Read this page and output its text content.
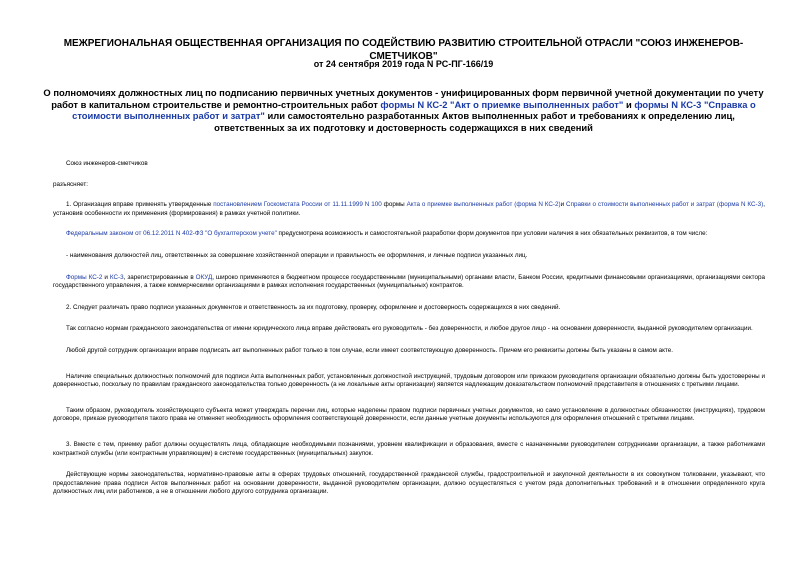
МЕЖРЕГИОНАЛЬНАЯ ОБЩЕСТВЕННАЯ ОРГАНИЗАЦИЯ ПО СОДЕЙСТВИЮ РАЗВИТИЮ СТРОИТЕЛЬНОЙ ОТРАСЛИ "СОЮЗ ИНЖЕНЕРОВ-СМЕТЧИКОВ"
от 24 сентября 2019 года N РС-ПГ-166/19
О полномочиях должностных лиц по подписанию первичных учетных документов - унифицированных форм первичной учетной документации по учету работ в капитальном строительстве и ремонтно-строительных работ формы N КС-2 "Акт о приемке выполненных работ" и формы N КС-3 "Справка о стоимости выполненных работ и затрат" или самостоятельно разработанных Актов выполненных работ и требованиях к определению лиц, ответственных за их подготовку и достоверность содержащихся в них сведений

Союз инженеров-сметчиков

разъясняет:

1. Организация вправе применять утвержденные постановлением Госкомстата России от 11.11.1999 N 100 формы Акта о приемке выполненных работ (форма N КС-2)и Справки о стоимости выполненных работ и затрат (форма N КС-3), установив особенности их применения (формирования) в рамках учетной политики.

Федеральным законом от 06.12.2011 N 402-ФЗ "О бухгалтерском учете" предусмотрена возможность и самостоятельной разработки форм документов при условии наличия в них обязательных реквизитов, в том числе:

- наименования должностей лиц, ответственных за совершение хозяйственной операции и правильность ее оформления, и личные подписи указанных лиц.

Формы КС-2 и КС-3, зарегистрированные в ОКУД, широко применяются в бюджетном процессе государственными (муниципальными) органами власти, Банком России, кредитными финансовыми организациями, организациями сектора государственного управления, а также коммерческими организациями в рамках исполнения государственных (муниципальных) контрактов.

2. Следует различать право подписи указанных документов и ответственность за их подготовку, проверку, оформление и достоверность содержащихся в них сведений.

Так согласно нормам гражданского законодательства от имени юридического лица вправе действовать его руководитель - без доверенности, и любое другое лицо - на основании доверенности, выданной руководителем организации.

Любой другой сотрудник организации вправе подписать акт выполненных работ только в том случае, если имеет соответствующую доверенность. Причем его реквизиты должны быть указаны в самом акте.

Наличие специальных должностных полномочий для подписи Акта выполненных работ, установленных должностной инструкцией, трудовым договором или приказом руководителя организации обязательно должны быть удостоверены и доверенностью, поскольку по правилам гражданского законодательства только доверенность (а не локальные акты организации) является надлежащим доказательством полномочий представителя в отношениях с третьими лицами.

Таким образом, руководитель хозяйствующего субъекта может утверждать перечни лиц, которые наделены правом подписи первичных учетных документов, но само установление в должностных обязанностях (инструкциях), трудовом договоре, приказе руководителя такого права не отменяет необходимость оформления соответствующей доверенности, если данные учетные документы используются для оформления отношений с третьими лицами.

3. Вместе с тем, приемку работ должны осуществлять лица, обладающие необходимыми познаниями, уровнем квалификации и образования, вместе с назначенными руководителем сотрудниками организации, а также работниками контрактной службы (или контрактным управляющим) в системе государственных (муниципальных) закупок.

Действующие нормы законодательства, нормативно-правовые акты в сферах трудовых отношений, государственной гражданской службы, градостроительной и закупочной деятельности в их совокупном толковании, указывают, что предоставление права подписи Актов выполненных работ на основании доверенности, выданной руководителем организации, должно осуществляться с учетом ряда дополнительных требований и в отношении определенного круга должностных лиц или работников, а не в отношении любого другого сотрудника организации.
